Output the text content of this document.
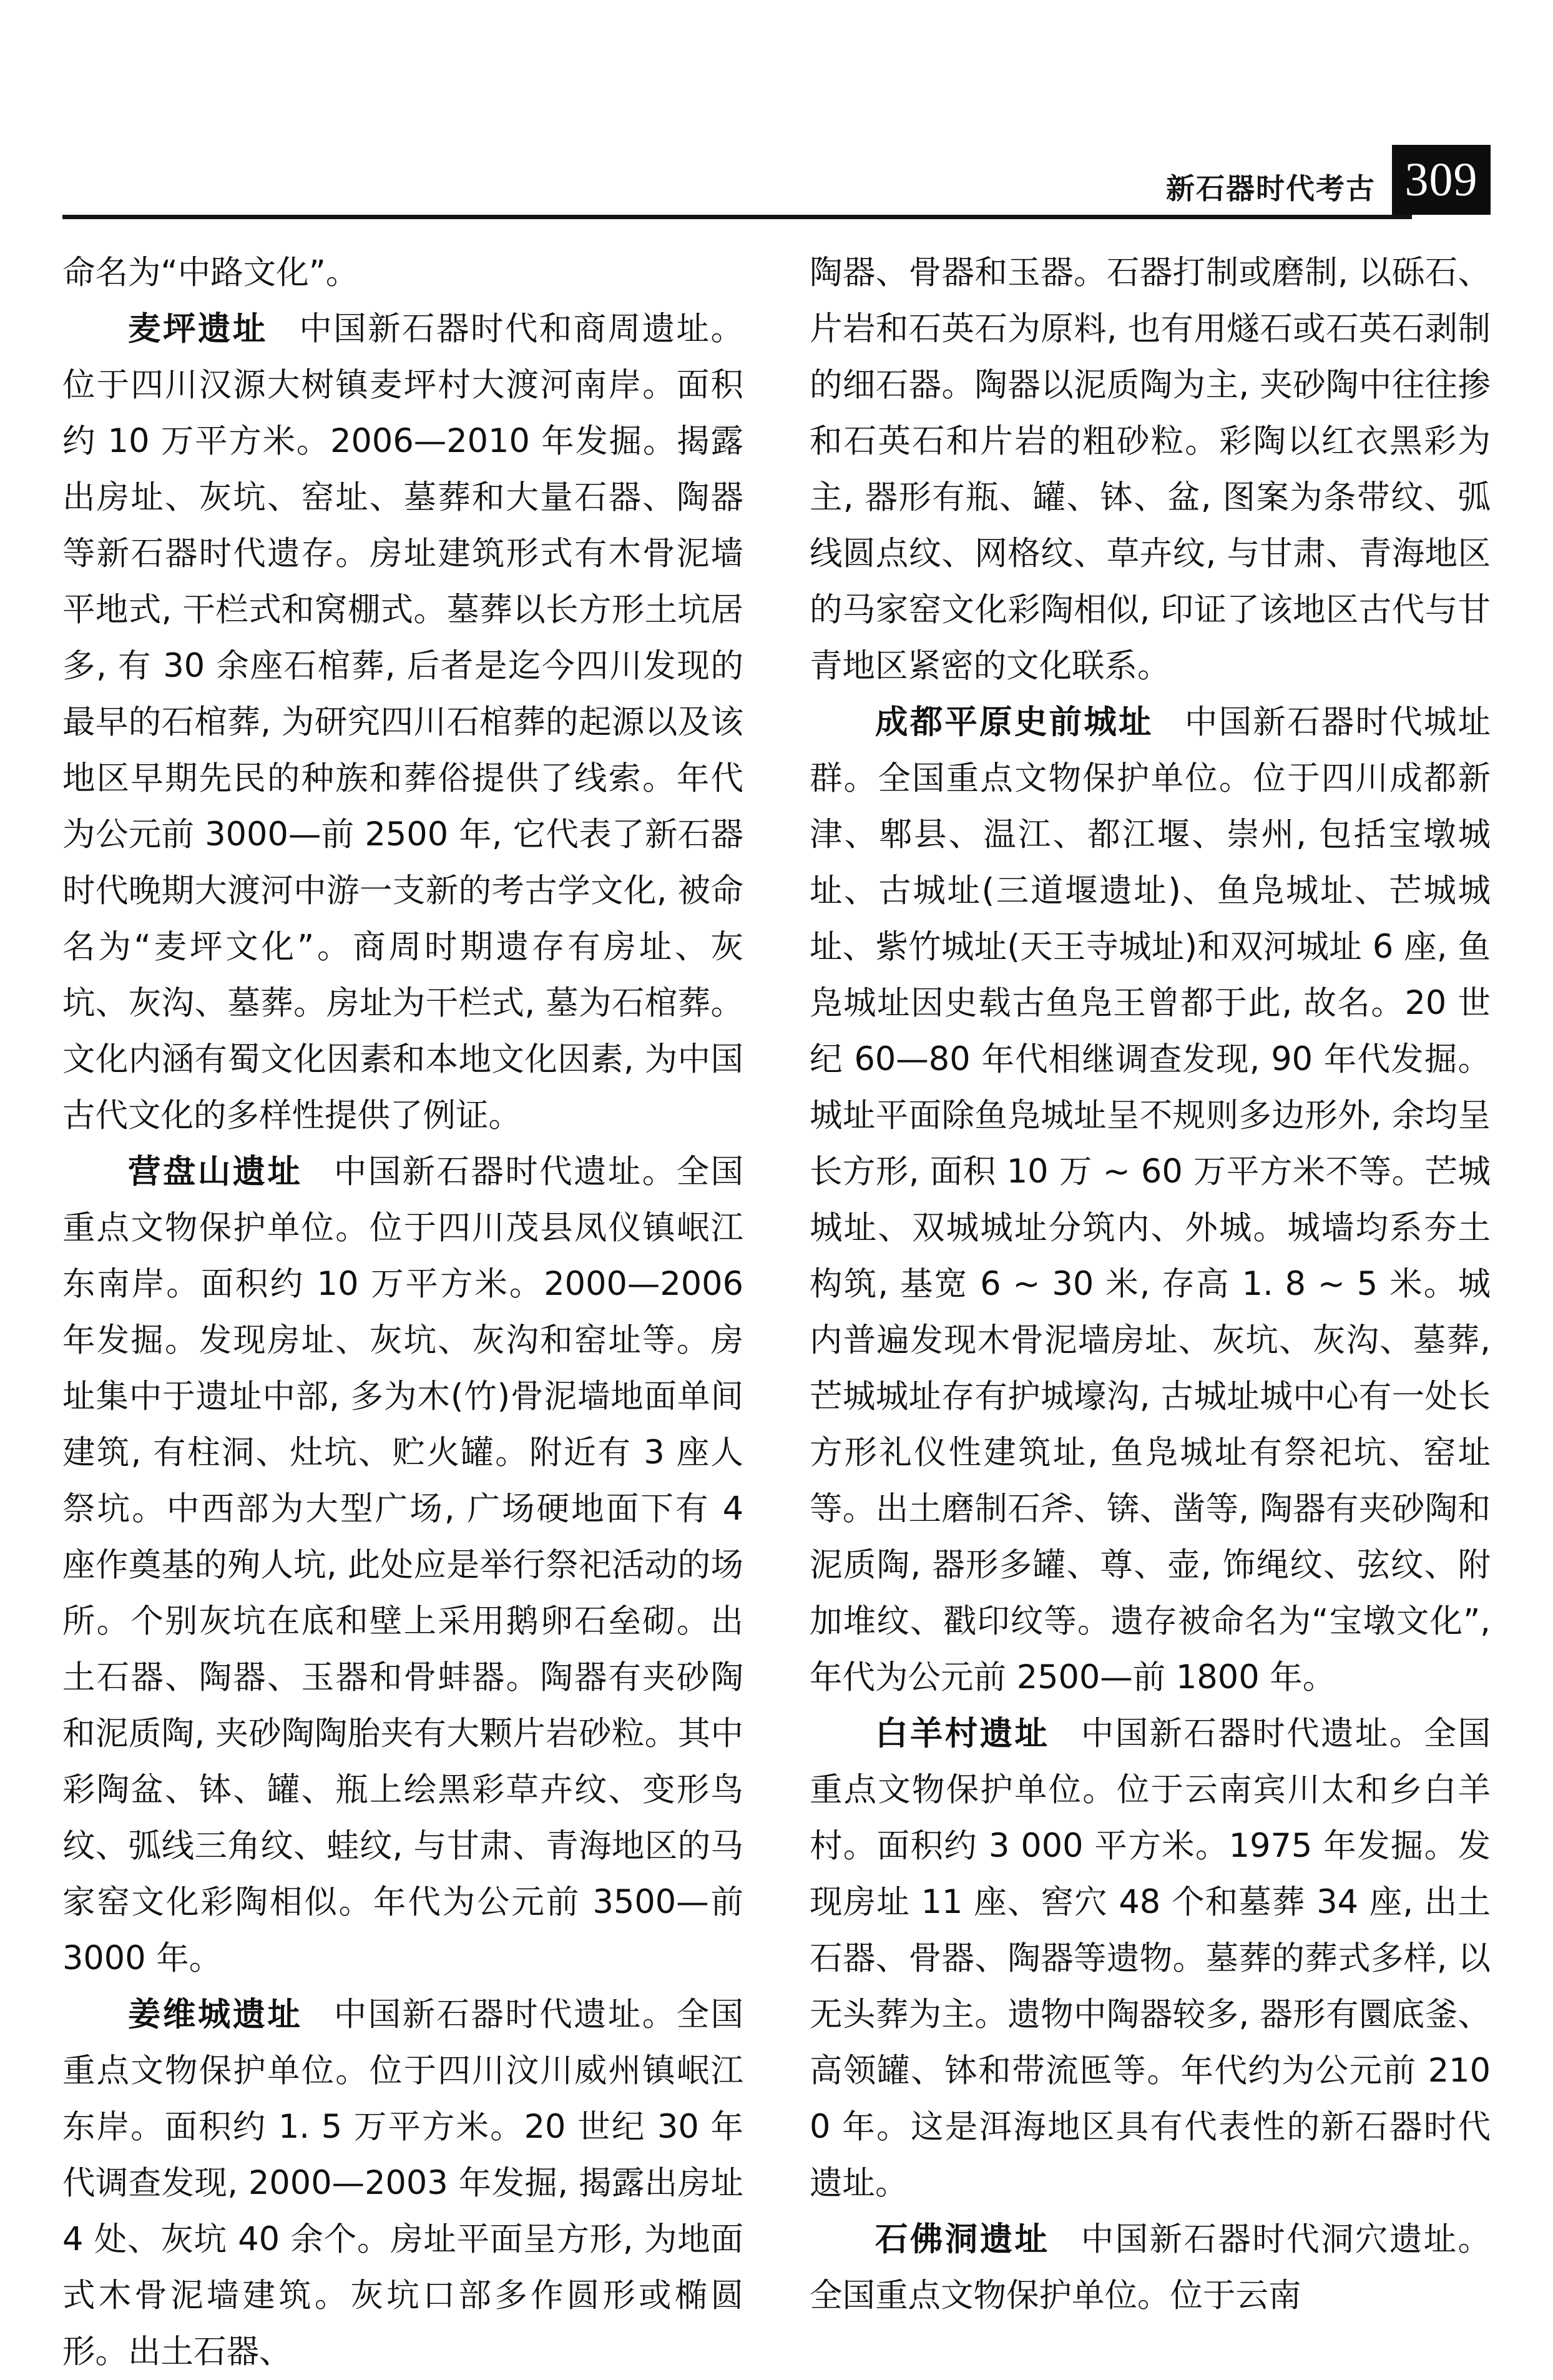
新石器时代考古 309
命名为“中路文化”。
麦坪遗址 中国新石器时代和商周遗址。位于四川汉源大树镇麦坪村大渡河南岸。面积约 10 万平方米。2006—2010 年发掘。揭露出房址、灰坑、窑址、墓葬和大量石器、陶器等新石器时代遗存。房址建筑形式有木骨泥墙平地式, 干栏式和窝棚式。墓葬以长方形土坑居多, 有 30 余座石棺葬, 后者是迄今四川发现的最早的石棺葬, 为研究四川石棺葬的起源以及该地区早期先民的种族和葬俗提供了线索。年代为公元前 3000—前 2500 年, 它代表了新石器时代晚期大渡河中游一支新的考古学文化, 被命名为“麦坪文化”。商周时期遗存有房址、灰坑、灰沟、墓葬。房址为干栏式, 墓为石棺葬。文化内涵有蜀文化因素和本地文化因素, 为中国古代文化的多样性提供了例证。
营盘山遗址 中国新石器时代遗址。全国重点文物保护单位。位于四川茂县凤仪镇岷江东南岸。面积约 10 万平方米。2000—2006 年发掘。发现房址、灰坑、灰沟和窑址等。房址集中于遗址中部, 多为木(竹)骨泥墙地面单间建筑, 有柱洞、灶坑、贮火罐。附近有 3 座人祭坑。中西部为大型广场, 广场硬地面下有 4 座作奠基的殉人坑, 此处应是举行祭祀活动的场所。个别灰坑在底和壁上采用鹅卵石垒砌。出土石器、陶器、玉器和骨蚌器。陶器有夹砂陶和泥质陶, 夹砂陶陶胎夹有大颗片岩砂粒。其中彩陶盆、钵、罐、瓶上绘黑彩草卉纹、变形鸟纹、弧线三角纹、蛙纹, 与甘肃、青海地区的马家窑文化彩陶相似。年代为公元前 3500—前 3000 年。
姜维城遗址 中国新石器时代遗址。全国重点文物保护单位。位于四川汶川威州镇岷江东岸。面积约 1. 5 万平方米。20 世纪 30 年代调查发现, 2000—2003 年发掘, 揭露出房址 4 处、灰坑 40 余个。房址平面呈方形, 为地面式木骨泥墙建筑。灰坑口部多作圆形或椭圆形。出土石器、
陶器、骨器和玉器。石器打制或磨制, 以砾石、片岩和石英石为原料, 也有用燧石或石英石剥制的细石器。陶器以泥质陶为主, 夹砂陶中往往掺和石英石和片岩的粗砂粒。彩陶以红衣黑彩为主, 器形有瓶、罐、钵、盆, 图案为条带纹、弧线圆点纹、网格纹、草卉纹, 与甘肃、青海地区的马家窑文化彩陶相似, 印证了该地区古代与甘青地区紧密的文化联系。
成都平原史前城址 中国新石器时代城址群。全国重点文物保护单位。位于四川成都新津、郫县、温江、都江堰、崇州, 包括宝墩城址、古城址(三道堰遗址)、鱼凫城址、芒城城址、紫竹城址(天王寺城址)和双河城址 6 座, 鱼凫城址因史载古鱼凫王曾都于此, 故名。20 世纪 60—80 年代相继调查发现, 90 年代发掘。城址平面除鱼凫城址呈不规则多边形外, 余均呈长方形, 面积 10 万 ~ 60 万平方米不等。芒城城址、双城城址分筑内、外城。城墙均系夯土构筑, 基宽 6 ~ 30 米, 存高 1. 8 ~ 5 米。城内普遍发现木骨泥墙房址、灰坑、灰沟、墓葬, 芒城城址存有护城壕沟, 古城址城中心有一处长方形礼仪性建筑址, 鱼凫城址有祭祀坑、窑址等。出土磨制石斧、锛、凿等, 陶器有夹砂陶和泥质陶, 器形多罐、尊、壶, 饰绳纹、弦纹、附加堆纹、戳印纹等。遗存被命名为“宝墩文化”, 年代为公元前 2500—前 1800 年。
白羊村遗址 中国新石器时代遗址。全国重点文物保护单位。位于云南宾川太和乡白羊村。面积约 3 000 平方米。1975 年发掘。发现房址 11 座、窖穴 48 个和墓葬 34 座, 出土石器、骨器、陶器等遗物。墓葬的葬式多样, 以无头葬为主。遗物中陶器较多, 器形有圜底釜、高领罐、钵和带流匜等。年代约为公元前 2100 年。这是洱海地区具有代表性的新石器时代遗址。
石佛洞遗址 中国新石器时代洞穴遗址。全国重点文物保护单位。位于云南
